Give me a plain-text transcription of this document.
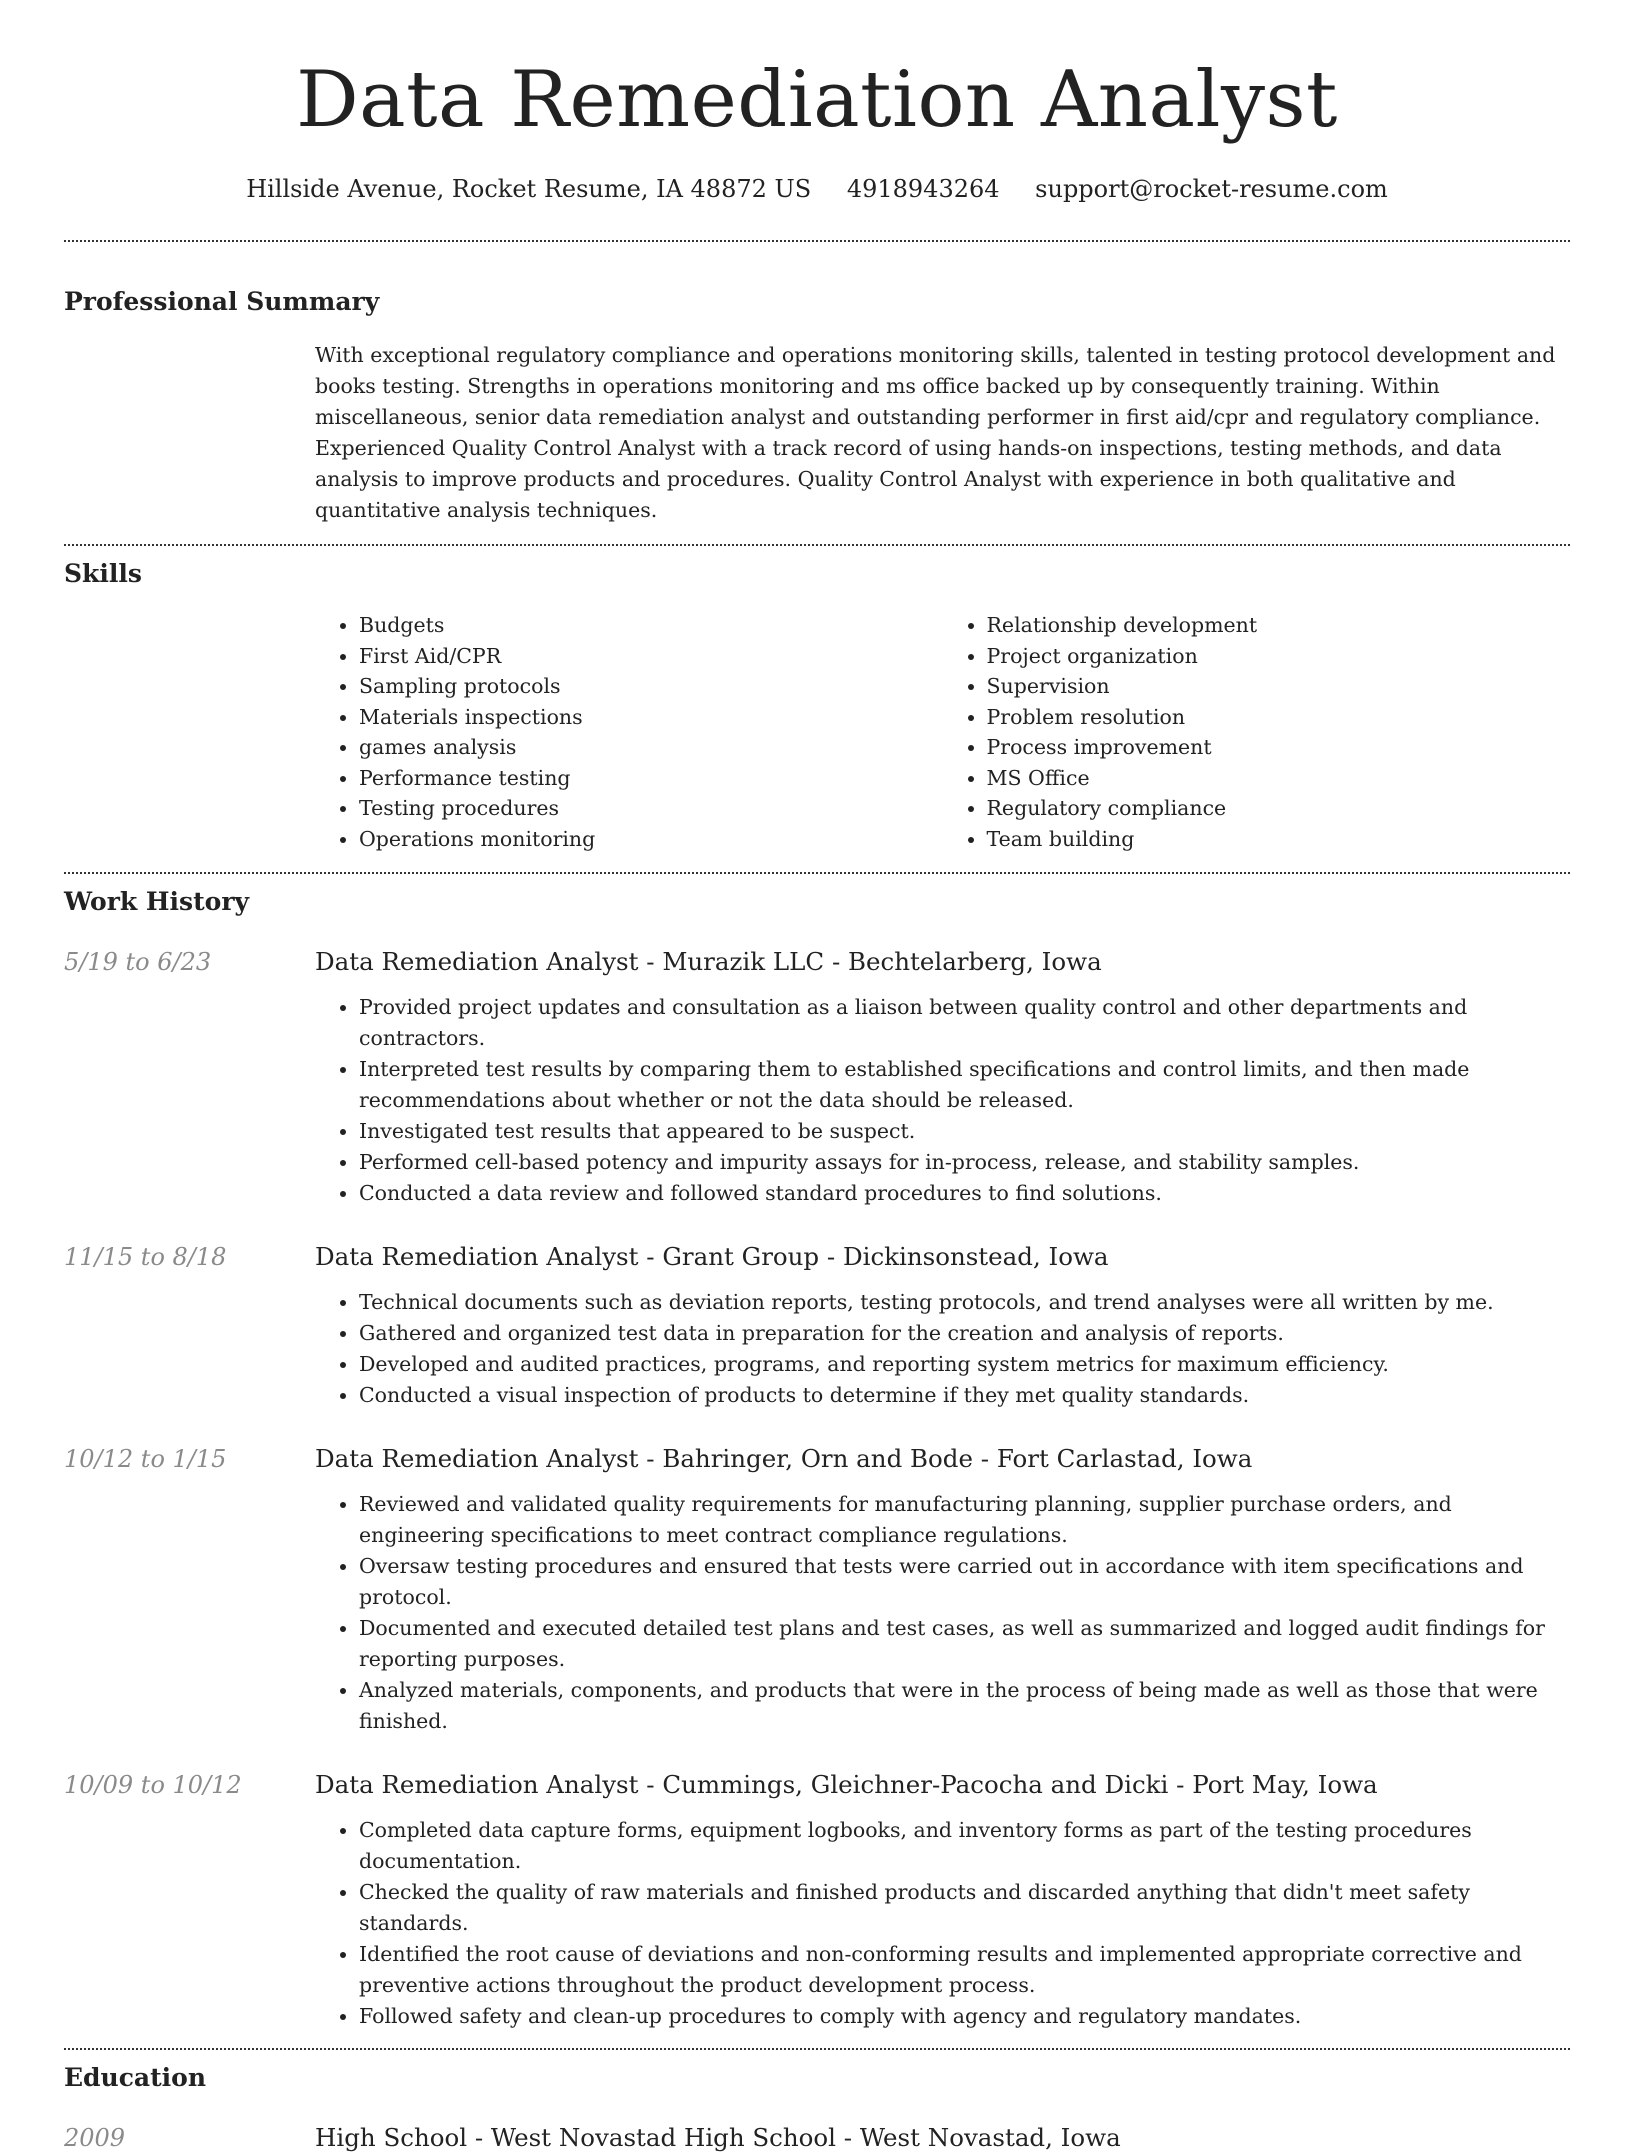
Data Remediation Analyst
Hillside Avenue, Rocket Resume, IA 48872 US 4918943264 support@rocket-resume.com
Professional Summary
With exceptional regulatory compliance and operations monitoring skills, talented in testing protocol development and books testing. Strengths in operations monitoring and ms office backed up by consequently training. Within miscellaneous, senior data remediation analyst and outstanding performer in first aid/cpr and regulatory compliance. Experienced Quality Control Analyst with a track record of using hands-on inspections, testing methods, and data analysis to improve products and procedures. Quality Control Analyst with experience in both qualitative and quantitative analysis techniques.
Skills
• Budgets
• First Aid/CPR
• Sampling protocols
• Materials inspections
• games analysis
• Performance testing
• Testing procedures
• Operations monitoring
• Relationship development
• Project organization
• Supervision
• Problem resolution
• Process improvement
• MS Office
• Regulatory compliance
• Team building
Work History
5/19 to 6/23	Data Remediation Analyst - Murazik LLC - Bechtelarberg, Iowa
• Provided project updates and consultation as a liaison between quality control and other departments and contractors.
• Interpreted test results by comparing them to established specifications and control limits, and then made recommendations about whether or not the data should be released.
• Investigated test results that appeared to be suspect.
• Performed cell-based potency and impurity assays for in-process, release, and stability samples.
• Conducted a data review and followed standard procedures to find solutions.
11/15 to 8/18	Data Remediation Analyst - Grant Group - Dickinsonstead, Iowa
• Technical documents such as deviation reports, testing protocols, and trend analyses were all written by me.
• Gathered and organized test data in preparation for the creation and analysis of reports.
• Developed and audited practices, programs, and reporting system metrics for maximum efficiency.
• Conducted a visual inspection of products to determine if they met quality standards.
10/12 to 1/15	Data Remediation Analyst - Bahringer, Orn and Bode - Fort Carlastad, Iowa
• Reviewed and validated quality requirements for manufacturing planning, supplier purchase orders, and engineering specifications to meet contract compliance regulations.
• Oversaw testing procedures and ensured that tests were carried out in accordance with item specifications and protocol.
• Documented and executed detailed test plans and test cases, as well as summarized and logged audit findings for reporting purposes.
• Analyzed materials, components, and products that were in the process of being made as well as those that were finished.
10/09 to 10/12	Data Remediation Analyst - Cummings, Gleichner-Pacocha and Dicki - Port May, Iowa
• Completed data capture forms, equipment logbooks, and inventory forms as part of the testing procedures documentation.
• Checked the quality of raw materials and finished products and discarded anything that didn't meet safety standards.
• Identified the root cause of deviations and non-conforming results and implemented appropriate corrective and preventive actions throughout the product development process.
• Followed safety and clean-up procedures to comply with agency and regulatory mandates.
Education
2009	High School - West Novastad High School - West Novastad, Iowa
